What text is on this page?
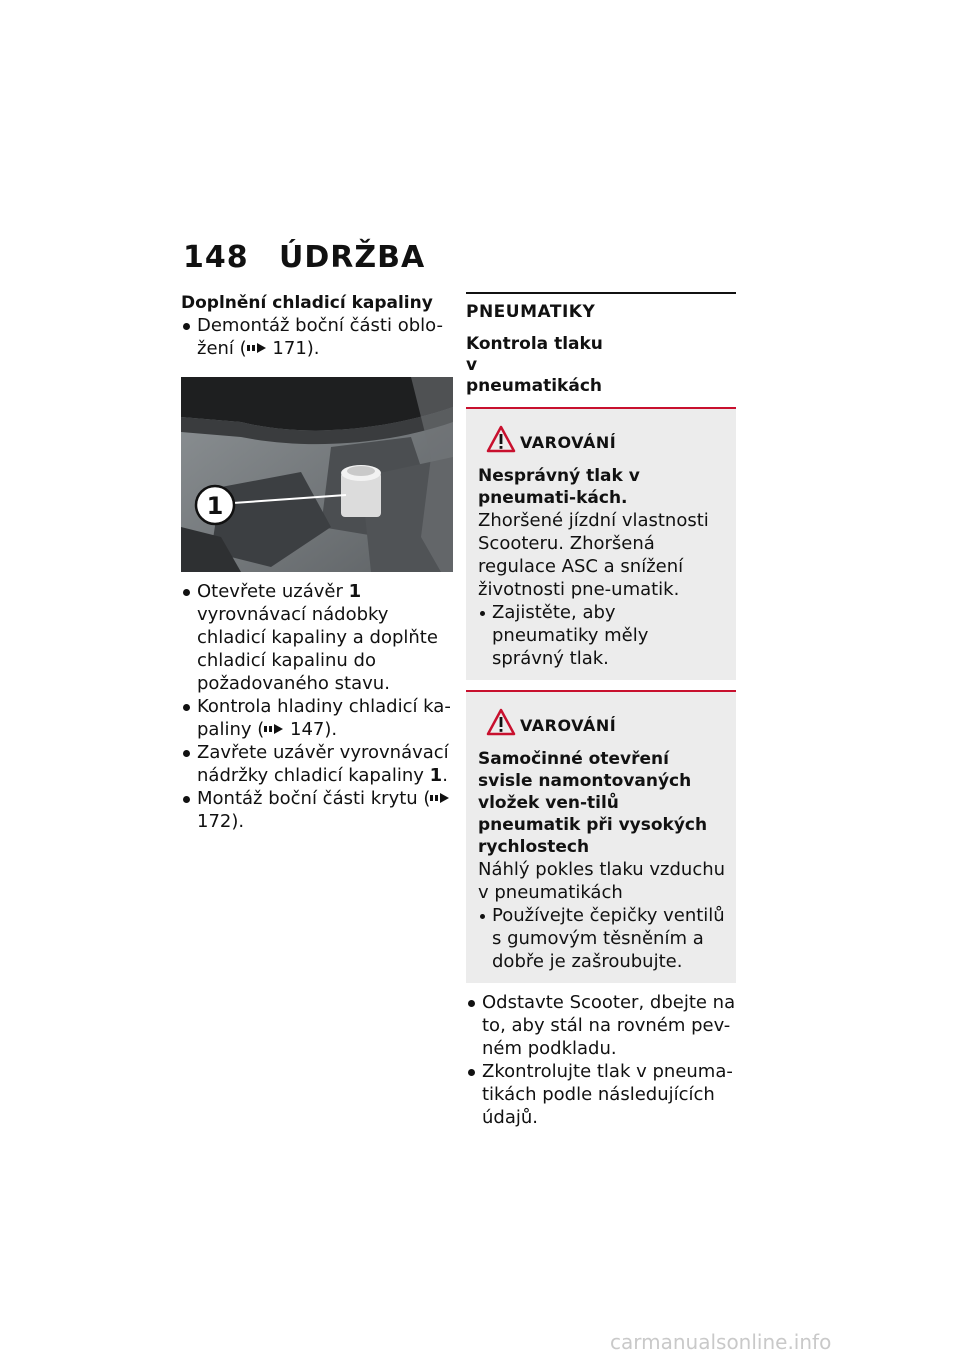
148 ÚDRŽBA
Doplnění chladicí kapaliny
Demontáž boční části oblo-žení ( 171).
1
Otevřete uzávěr 1 vyrovnávací nádobky chladicí kapaliny a doplňte chladicí kapalinu do požadovaného stavu.
Kontrola hladiny chladicí ka-paliny ( 147).
Zavřete uzávěr vyrovnávací nádržky chladicí kapaliny 1.
Montáž boční části krytu ( 172).
PNEUMATIKY
Kontrola tlaku v pneumatikách
VAROVÁNÍ
Nesprávný tlak v pneumati-kách.
Zhoršené jízdní vlastnosti Scooteru. Zhoršená regulace ASC a snížení životnosti pne-umatik.
Zajistěte, aby pneumatiky měly správný tlak.
VAROVÁNÍ
Samočinné otevření svisle namontovaných vložek ven-tilů pneumatik při vysokých rychlostech
Náhlý pokles tlaku vzduchu v pneumatikách
Používejte čepičky ventilů s gumovým těsněním a dobře je zašroubujte.
Odstavte Scooter, dbejte na to, aby stál na rovném pev-ném podkladu.
Zkontrolujte tlak v pneuma-tikách podle následujících údajů.
carmanualsonline.info
